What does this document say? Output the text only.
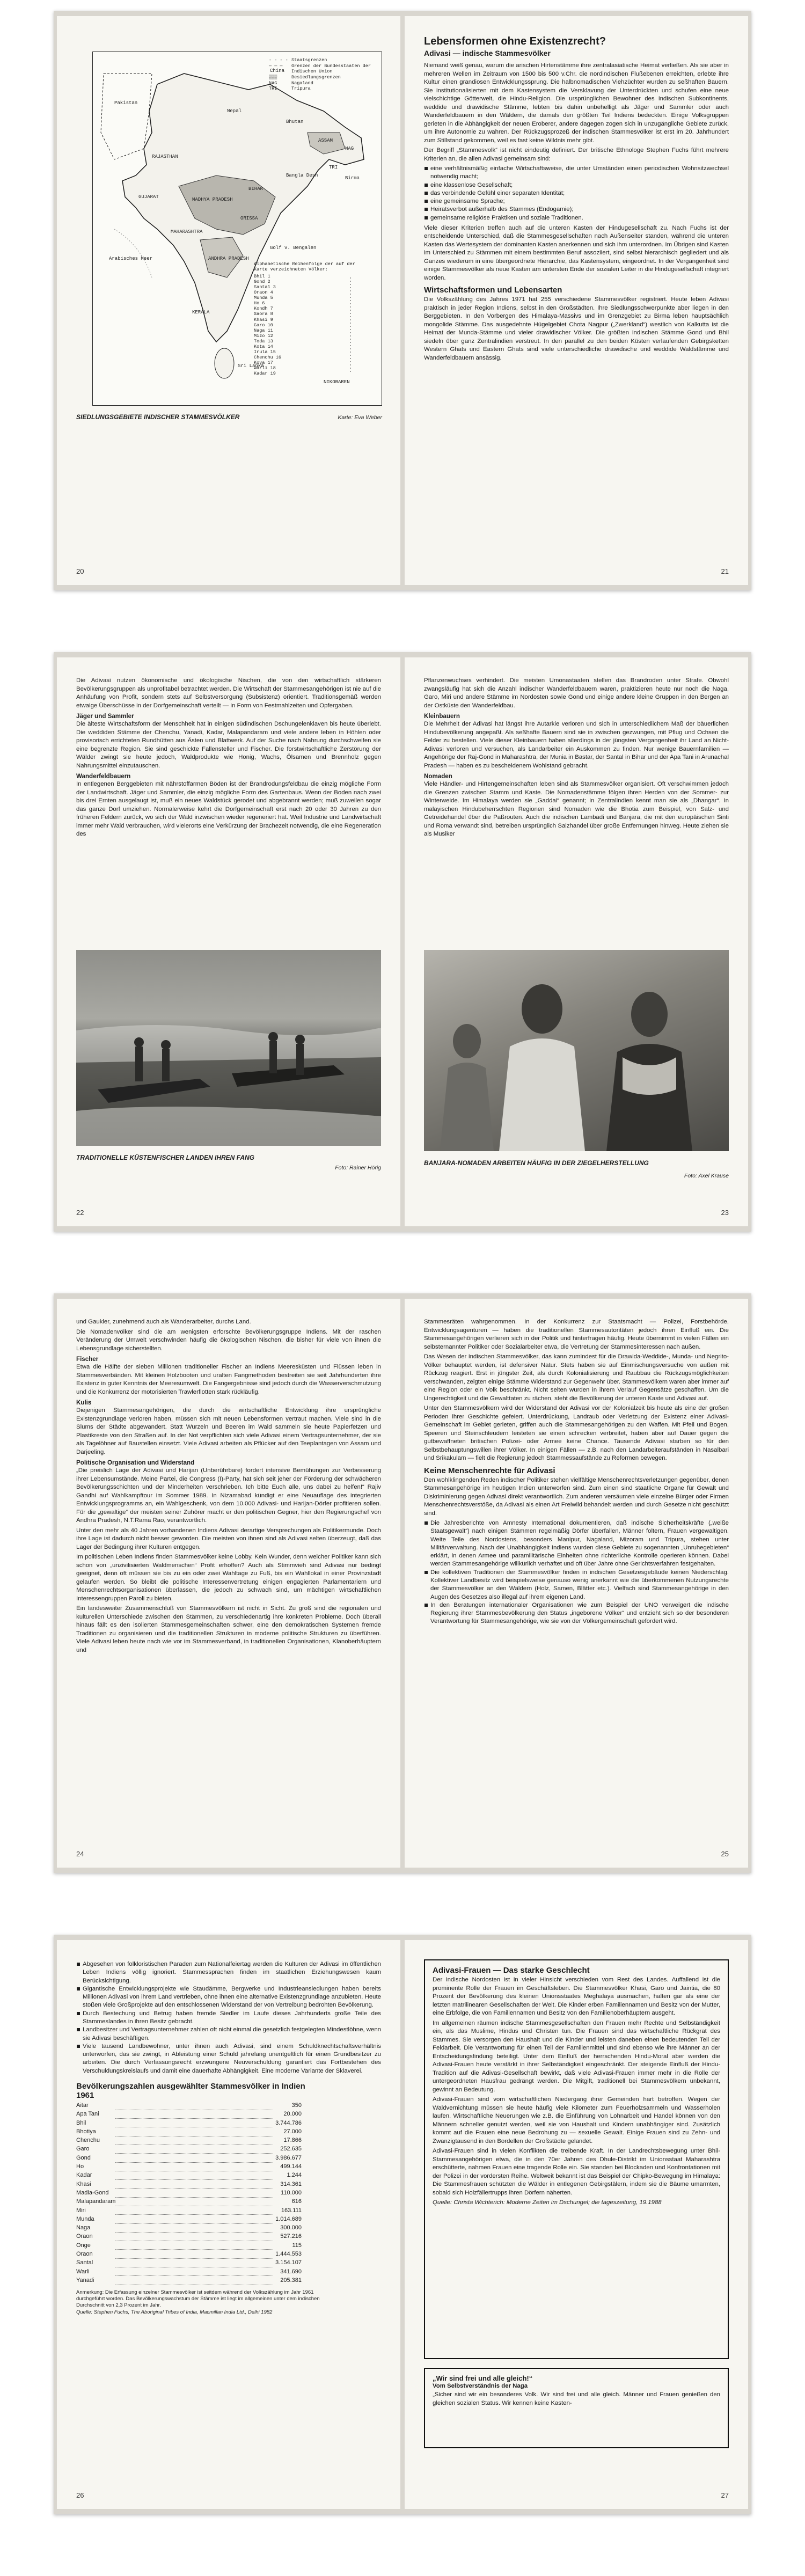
Pakistan
China
Nepal
Bhutan
Bangla Desh	Birma
Sri Lanka
Golf v. Bengalen
Arabisches Meer
MADHYA PRADESH
BIHAR
ORISSA
RAJASTHAN
GUJARAT
MAHARASHTRA
ANDHRA PRADESH
KERALA
ASSAM
NAG
TRI
NIKOBAREN
- - - - Staatsgrenzen
— — —	Grenzen der Bundesstaaten der Indischen Union
▒▒▒	Besiedlungsgrenzen
NAG	Nagaland
TRI	Tripura
Alphabetische Reihenfolge der auf der Karte verzeichneten Völker:
Bhil 1
Gond 2
Santal 3
Oraon 4
Munda 5
Ho 6
Kondh 7
Saora 8
Khasi 9
Garo 10
Naga 11
Mizo 12
Toda 13
Kota 14
Irula 15
Chenchu 16
Koya 17
Warli 18
Kadar 19
SIEDLUNGSGEBIETE INDISCHER STAMMESVÖLKER	Karte: Eva Weber
20
Lebensformen ohne Existenzrecht?
Adivasi — indische Stammesvölker

Niemand weiß genau, warum die arischen Hirtenstämme ihre zentralasiatische Heimat verließen. Als sie aber in mehreren Wellen im Zeitraum von 1500 bis 500 v.Chr. die nordindischen Flußebenen erreichten, erlebte ihre Kultur einen grandiosen Entwicklungssprung. Die halbnomadischen Viehzüchter wurden zu seßhaften Bauern. Sie institutionalisierten mit dem Kastensystem die Versklavung der Unterdrückten und schufen eine neue vielschichtige Götterwelt, die Hindu-Religion. Die ursprünglichen Bewohner des indischen Subkontinents, weddide und drawidische Stämme, lebten bis dahin unbehelligt als Jäger und Sammler oder auch Wanderfeldbauern in den Wäldern, die damals den größten Teil Indiens bedeckten. Einige Volksgruppen gerieten in die Abhängigkeit der neuen Eroberer, andere dagegen zogen sich in unzugängliche Gebiete zurück, um ihre Autonomie zu wahren. Der Rückzugsprozeß der indischen Stammesvölker ist erst im 20. Jahrhundert zum Stillstand gekommen, weil es fast keine Wildnis mehr gibt.

Der Begriff „Stammesvolk“ ist nicht eindeutig definiert. Der britische Ethnologe Stephen Fuchs führt mehrere Kriterien an, die allen Adivasi gemeinsam sind:

eine verhältnismäßig einfache Wirtschaftsweise, die unter Umständen einen periodischen Wohnsitzwechsel notwendig macht;
eine klassenlose Gesellschaft;
das verbindende Gefühl einer separaten Identität;
eine gemeinsame Sprache;
Heiratsverbot außerhalb des Stammes (Endogamie);
gemeinsame religiöse Praktiken und soziale Traditionen.

Viele dieser Kriterien treffen auch auf die unteren Kasten der Hindugesellschaft zu. Nach Fuchs ist der entscheidende Unterschied, daß die Stammesgesellschaften nach Außenseiter standen, während die unteren Kasten das Wertesystem der dominanten Kasten anerkennen und sich ihm unterordnen. Im Übrigen sind Kasten im Unterschied zu Stämmen mit einem bestimmten Beruf assoziiert, sind selbst hierarchisch gegliedert und als Ganzes wiederum in eine übergeordnete Hierarchie, das Kastensystem, eingeordnet. In der Vergangenheit sind einige Stammesvölker als neue Kasten am untersten Ende der sozialen Leiter in die Hindugesellschaft integriert worden.

Wirtschaftsformen und Lebensarten

Die Volkszählung des Jahres 1971 hat 255 verschiedene Stammesvölker registriert. Heute leben Adivasi praktisch in jeder Region Indiens, selbst in den Großstädten. Ihre Siedlungsschwerpunkte aber liegen in den Berggebieten. In den Vorbergen des Himalaya-Massivs und im Grenzgebiet zu Birma leben hauptsächlich mongolide Stämme. Das ausgedehnte Hügelgebiet Chota Nagpur („Zwerkland“) westlich von Kalkutta ist die Heimat der Munda-Stämme und vieler drawidischer Völker. Die größten indischen Stämme Gond und Bhil siedeln über ganz Zentralindien verstreut. In den parallel zu den beiden Küsten verlaufenden Gebirgsketten Western Ghats und Eastern Ghats sind viele unterschiedliche drawidische und weddide Waldstämme und Wanderfeldbauern ansässig.

21

Die Adivasi nutzen ökonomische und ökologische Nischen, die von den wirtschaftlich stärkeren Bevölkerungsgruppen als unprofitabel betrachtet werden. Die Wirtschaft der Stammesangehörigen ist nie auf die Anhäufung von Profit, sondern stets auf Selbstversorgung (Subsistenz) orientiert. Traditionsgemäß werden etwaige Überschüsse in der Dorfgemeinschaft verteilt — in Form von Festmahlzeiten und Opfergaben.

Jäger und Sammler

Die älteste Wirtschaftsform der Menschheit hat in einigen südindischen Dschungelenklaven bis heute überlebt. Die weddiden Stämme der Chenchu, Yanadi, Kadar, Malapandaram und viele andere leben in Höhlen oder provisorisch errichteten Rundhütten aus Ästen und Blattwerk. Auf der Suche nach Nahrung durchschweifen sie eine begrenzte Region. Sie sind geschickte Fallensteller und Fischer. Die forstwirtschaftliche Zerstörung der Wälder zwingt sie heute jedoch, Waldprodukte wie Honig, Wachs, Ölsamen und Brennholz gegen Nahrungsmittel einzutauschen.

Wanderfeldbauern

In entlegenen Berggebieten mit nährstoffarmen Böden ist der Brandrodungsfeldbau die einzig mögliche Form der Landwirtschaft. Jäger und Sammler, die einzig mögliche Form des Gartenbaus. Wenn der Boden nach zwei bis drei Ernten ausgelaugt ist, muß ein neues Waldstück gerodet und abgebrannt werden; muß zuweilen sogar das ganze Dorf umziehen. Normalerweise kehrt die Dorfgemeinschaft erst nach 20 oder 30 Jahren zu den früheren Feldern zurück, wo sich der Wald inzwischen wieder regeneriert hat. Weil Industrie und Landwirtschaft immer mehr Wald verbrauchen, wird vielerorts eine Verkürzung der Brachezeit notwendig, die eine Regeneration des

TRADITIONELLE KÜSTENFISCHER LANDEN IHREN FANG
Foto: Rainer Hörig
22

Pflanzenwuchses verhindert. Die meisten Umonastaaten stellen das Brandroden unter Strafe. Obwohl zwangsläufig hat sich die Anzahl indischer Wanderfeldbauern waren, praktizieren heute nur noch die Naga, Garo, Miri und andere Stämme im Nordosten sowie Gond und einige andere kleine Gruppen in den Bergen an der Ostküste den Wanderfeldbau.

Kleinbauern

Die Mehrheit der Adivasi hat längst ihre Autarkie verloren und sich in unterschiedlichem Maß der bäuerlichen Hindubevölkerung angepaßt. Als seßhafte Bauern sind sie in zwischen gezwungen, mit Pflug und Ochsen die Felder zu bestellen. Viele dieser Kleinbauern haben allerdings in der jüngsten Vergangenheit ihr Land an Nicht-Adivasi verloren und versuchen, als Landarbeiter ein Auskommen zu finden. Nur wenige Bauernfamilien — Angehörige der Raj-Gond in Maharashtra, der Munia in Bastar, der Santal in Bihar und der Apa Tani in Arunachal Pradesh — haben es zu bescheidenem Wohlstand gebracht.

Nomaden

Viele Händler- und Hirtengemeinschaften leben sind als Stammesvölker organisiert. Oft verschwimmen jedoch die Grenzen zwischen Stamm und Kaste. Die Nomadenstämme fölgen ihren Herden von der Sommer- zur Winterweide. Im Himalaya werden sie „Gaddai“ genannt; in Zentralindien kennt man sie als „Dhangar“. In malayischen Hindubeherrschten Regionen sind Nomaden wie die Bhotia zum Beispiel, von Salz- und Getreidehandel über die Paßrouten. Auch die indischen Lambadi und Banjara, die mit den europäischen Sinti und Roma verwandt sind, betreiben ursprünglich Salzhandel über große Entfernungen hinweg. Heute ziehen sie als Musiker

BANJARA-NOMADEN ARBEITEN HÄUFIG IN DER ZIEGELHERSTELLUNG
Foto: Axel Krause
23

und Gaukler, zunehmend auch als Wanderarbeiter, durchs Land.

Die Nomadenvölker sind die am wenigsten erforschte Bevölkerungsgruppe Indiens. Mit der raschen Veränderung der Umwelt verschwinden häufig die ökologischen Nischen, die bisher für viele von ihnen die Lebensgrundlage sicherstellten.

Fischer

Etwa die Hälfte der sieben Millionen traditioneller Fischer an Indiens Meeresküsten und Flüssen leben in Stammesverbänden. Mit kleinen Holzbooten und uralten Fangmethoden bestreiten sie seit Jahrhunderten ihre Existenz in guter Kenntnis der Meeresumwelt. Die Fangergebnisse sind jedoch durch die Wasserverschmutzung und die Konkurrenz der motorisierten Trawlerflotten stark rückläufig.

Kulis

Diejenigen Stammesangehörigen, die durch die wirtschaftliche Entwicklung ihre ursprüngliche Existenzgrundlage verloren haben, müssen sich mit neuen Lebensformen vertraut machen. Viele sind in die Slums der Städte abgewandert. Statt Wurzeln und Beeren im Wald sammeln sie heute Papierfetzen und Plastikreste von den Straßen auf. In der Not verpflichten sich viele Adivasi einem Vertragsunternehmer, der sie als Tagelöhner auf Baustellen einsetzt. Viele Adivasi arbeiten als Pflücker auf den Teeplantagen von Assam und Darjeeling.

Politische Organisation und Widerstand

„Die preislich Lage der Adivasi und Harijan (Unberührbare) fordert intensive Bemühungen zur Verbesserung ihrer Lebensumstände. Meine Partei, die Congress (I)-Party, hat sich seit jeher der Förderung der schwächeren Bevölkerungsschichten und der Minderheiten verschrieben. Ich bitte Euch alle, uns dabei zu helfen!“ Rajiv Gandhi auf Wahlkampftour im Sommer 1989. In Nizamabad kündigt er eine Neuauflage des integrierten Entwicklungsprogramms an, ein Wahlgeschenk, von dem 10.000 Adivasi- und Harijan-Dörfer profitieren sollen. Für die „gewaltige“ der meisten seiner Zuhörer macht er den politischen Gegner, hier den Regierungschef von Andhra Pradesh, N.T.Rama Rao, verantwortlich.

Unter den mehr als 40 Jahren vorhandenen Indiens Adivasi derartige Versprechungen als Politikermunde. Doch ihre Lage ist dadurch nicht besser geworden. Die meisten von ihnen sind als Adivasi selten überzeugt, daß das Lager der Bedingung ihrer Kulturen entgegen.

Im politischen Leben Indiens finden Stammesvölker keine Lobby. Kein Wunder, denn welcher Politiker kann sich schon von „unzivilisierten Waldmenschen“ Profit erhoffen? Auch als Stimmvieh sind Adivasi nur bedingt geeignet, denn oft müssen sie bis zu ein oder zwei Wahltage zu Fuß, bis ein Wahllokal in einer Provinzstadt gelaufen werden. So bleibt die politische Interessenvertretung einigen engagierten Parlamentariern und Menschenrechtsorganisationen überlassen, die jedoch zu schwach sind, um mächtigen wirtschaftlichen Interessengruppen Paroli zu bieten.

Ein landesweiter Zusammenschluß von Stammesvölkern ist nicht in Sicht. Zu groß sind die regionalen und kulturellen Unterschiede zwischen den Stämmen, zu verschiedenartig ihre konkreten Probleme. Doch überall hinaus fällt es den isolierten Stammesgemeinschaften schwer, eine den demokratischen Systemen fremde Traditionen zu organisieren und die traditionellen Strukturen in moderne politische Strukturen zu überführen. Viele Adivasi leben heute nach wie vor im Stammesverband, in traditionellen Organisationen, Klanoberhäuptern und

24

Stammesräten wahrgenommen. In der Konkurrenz zur Staatsmacht — Polizei, Forstbehörde, Entwicklungsagenturen — haben die traditionellen Stammesautoritäten jedoch ihren Einfluß ein. Die Stammesangehörigen verlieren sich in der Politik und hinterfragen häufig. Heute übernimmt in vielen Fällen ein selbsternannter Politiker oder Sozialarbeiter etwa, die Vertretung der Stammesinteressen nach außen.

Das Wesen der indischen Stammesvölker, das kann zumindest für die Drawida-Weddide-, Munda- und Negrito-Völker behauptet werden, ist defensiver Natur. Stets haben sie auf Einmischungsversuche von außen mit Rückzug reagiert. Erst in jüngster Zeit, als durch Kolonialisierung und Raubbau die Rückzugsmöglichkeiten verschwanden, zeigten einige Stämme Widerstand zur Gegenwehr über. Stammesvölkern waren aber immer auf eine Region oder ein Volk beschränkt. Nicht selten wurden in ihrem Verlauf Gegensätze geschaffen. Um die Ungerechtigkeit und die Gewalttaten zu rächen, steht die Bevölkerung der unteren Kaste und Adivasi auf.

Unter den Stammesvölkern wird der Widerstand der Adivasi vor der Kolonialzeit bis heute als eine der großen Perioden ihrer Geschichte gefeiert. Unterdrückung, Landraub oder Verletzung der Existenz einer Adivasi-Gemeinschaft im Gebiet gerieten, griffen auch die Stammesangehörigen zu den Waffen. Mit Pfeil und Bogen, Speeren und Steinschleudern leisteten sie einen schrecken verbreitet, haben aber auf Dauer gegen die gutbewaffneten britischen Polizei- oder Armee keine Chance. Tausende Adivasi starben so für den Selbstbehauptungswillen ihrer Völker. In einigen Fällen — z.B. nach den Landarbeiteraufständen in Nasalbari und Srikakulam — fielt die Regierung jedoch Stammessaufstände zu Reformen bewegen.

Keine Menschenrechte für Adivasi

Den wohlklingenden Reden indischer Politiker stehen vielfältige Menschenrechtsverletzungen gegenüber, denen Stammesangehörige im heutigen Indien unterworfen sind. Zum einen sind staatliche Organe für Gewalt und Diskriminierung gegen Adivasi direkt verantwortlich. Zum anderen versäumen viele einzelne Bürger oder Firmen Menschenrechtsverstöße, da Adivasi als einen Art Freiwild behandelt werden und durch Gesetze nicht geschützt sind.

Die Jahresberichte von Amnesty International dokumentieren, daß indische Sicherheitskräfte („weiße Staatsgewalt“) nach einigen Stämmen regelmäßig Dörfer überfallen, Männer foltern, Frauen vergewaltigen. Weite Teile des Nordostens, besonders Manipur, Nagaland, Mizoram und Tripura, stehen unter Militärverwaltung. Nach der Unabhängigkeit Indiens wurden diese Gebiete zu sogenannten „Unruhegebieten“ erklärt, in denen Armee und paramilitärische Einheiten ohne richterliche Kontrolle operieren können. Dabei werden Stammesangehörige willkürlich verhaftet und oft über Jahre ohne Gerichtsverfahren festgehalten.
Die kollektiven Traditionen der Stammesvölker finden in indischen Gesetzesgebäude keinen Niederschlag. Kollektiver Landbesitz wird beispielsweise genauso wenig anerkannt wie die überkommenen Nutzungsrechte der Stammesvölker an den Wäldern (Holz, Samen, Blätter etc.). Vielfach sind Stammesangehörige in den Augen des Gesetzes also illegal auf ihrem eigenen Land.
In den Beratungen internationaler Organisationen wie zum Beispiel der UNO verweigert die indische Regierung ihrer Stammesbevölkerung den Status „ingeborene Völker“ und entzieht sich so der besonderen Verantwortung für Stammesangehörige, wie sie von der Völkergemeinschaft gefordert wird.
25
Abgesehen von folkloristischen Paraden zum Nationalfeiertag werden die Kulturen der Adivasi im öffentlichen Leben Indiens völlig ignoriert. Stammessprachen finden im staatlichen Erziehungswesen kaum Berücksichtigung.
Gigantische Entwicklungsprojekte wie Staudämme, Bergwerke und Industrieansiedlungen haben bereits Millionen Adivasi von ihrem Land vertrieben, ohne ihnen eine alternative Existenzgrundlage anzubieten. Heute stoßen viele Großprojekte auf den entschlossenen Widerstand der von Vertreibung bedrohten Bevölkerung.
Durch Bestechung und Betrug haben fremde Siedler im Laufe dieses Jahrhunderts große Teile des Stammeslandes in ihren Besitz gebracht.
Landbesitzer und Vertragsunternehmer zahlen oft nicht einmal die gesetzlich festgelegten Mindestlöhne, wenn sie Adivasi beschäftigen.
Viele tausend Landbewohner, unter ihnen auch Adivasi, sind einem Schuldknechtschaftsverhältnis unterworfen, das sie zwingt, in Ableistung einer Schuld jahrelang unentgeltlich für einen Grundbesitzer zu arbeiten. Die durch Verfassungsrecht erzwungene Neuverschuldung garantiert das Fortbestehen des Verschuldungskreislaufs und damit eine dauerhafte Abhängigkeit. Eine moderne Variante der Sklaverei.
Bevölkerungszahlen ausgewählter Stammesvölker in Indien 1961
Aitar		350
Apa Tani		20.000
Bhil		3.744.786
Bhotiya		27.000
Chenchu		17.866
Garo		252.635
Gond		3.986.677
Ho		499.144
Kadar		1.244
Khasi		314.361
Madia-Gond		110.000
Malapandaram		616
Miri		163.111
Munda		1.014.689
Naga		300.000
Oraon		527.216
Onge		115
Oraon		1.444.553
Santal		3.154.107
Warli		341.690
Yanadi		205.381
Anmerkung: Die Erfassung einzelner Stammesvölker ist seitdem während der Volkszählung im Jahr 1961 durchgeführt worden. Das Bevölkerungswachstum der Stämme ist liegt im allgemeinen unter dem indischen Durchschnitt von 2,3 Prozent im Jahr.
Quelle: Stephen Fuchs, The Aboriginal Tribes of India, Macmillan India Ltd., Delhi 1982
26
Adivasi-Frauen — Das starke Geschlecht

Der indische Nordosten ist in vieler Hinsicht verschieden vom Rest des Landes. Auffallend ist die prominente Rolle der Frauen im Geschäftsleben. Die Stammesvölker Khasi, Garo und Jaintia, die 80 Prozent der Bevölkerung des kleinen Unionsstaates Meghalaya ausmachen, halten gar als eine der letzten matrilinearen Gesellschaften der Welt. Die Kinder erben Familiennamen und Besitz von der Mutter, eine Erbfolge, die von Familiennamen und Besitz von den Familienoberhäuptern ausgeht.

Im allgemeinen räumen indische Stammesgesellschaften den Frauen mehr Rechte und Selbständigkeit ein, als das Muslime, Hindus und Christen tun. Die Frauen sind das wirtschaftliche Rückgrat des Stammes. Sie versorgen den Haushalt und die Kinder und leisten daneben einen bedeutenden Teil der Feldarbeit. Die Verantwortung für einen Teil der Familienmittel und sind ebenso wie ihre Männer an der Entscheidungsfindung beteiligt. Unter dem Einfluß der herrschenden Hindu-Moral aber werden die Adivasi-Frauen heute verstärkt in ihrer Selbständigkeit eingeschränkt. Der steigende Einfluß der Hindu-Tradition auf die Adivasi-Gesellschaft bewirkt, daß viele Adivasi-Frauen immer mehr in die Rolle der untergeordneten Hausfrau gedrängt werden. Die Mitgift, traditionell bei Stammesvölkern unbekannt, gewinnt an Bedeutung.

Adivasi-Frauen sind vom wirtschaftlichen Niedergang ihrer Gemeinden hart betroffen. Wegen der Waldvernichtung müssen sie heute häufig viele Kilometer zum Feuerholzsammeln und Wasserholen laufen. Wirtschaftliche Neuerungen wie z.B. die Einführung von Lohnarbeit und Handel können von den Männern schneller genutzt werden, weil sie von Haushalt und Kindern unabhängiger sind. Zusätzlich kommt auf die Frauen eine neue Bedrohung zu — sexuelle Gewalt. Einige Frauen sind zu Zehn- und Zwanzigtausend in den Bordellen der Großstädte gelandet.

Adivasi-Frauen sind in vielen Konflikten die treibende Kraft. In der Landrechtsbewegung unter Bhil-Stammesangehörigen etwa, die in den 70er Jahren des Dhule-Distrikt im Unionsstaat Maharashtra erschütterte, nahmen Frauen eine tragende Rolle ein. Sie standen bei Blockaden und Konfrontationen mit der Polizei in der vordersten Reihe. Weltweit bekannt ist das Beispiel der Chipko-Bewegung im Himalaya: Die Stammesfrauen schützten die Wälder in entlegenen Gebirgstälern, indem sie die Bäume umarmten, sobald sich Holzfällertrupps ihren Dörfern näherten.

Quelle: Christa Wichterich: Moderne Zeiten im Dschungel; die tageszeitung, 19.1988

„Wir sind frei und alle gleich!“
Vom Selbstverständnis der Naga

„Sicher sind wir ein besonderes Volk. Wir sind frei und alle gleich. Männer und Frauen genießen den gleichen sozialen Status. Wir kennen keine Kasten-

27
